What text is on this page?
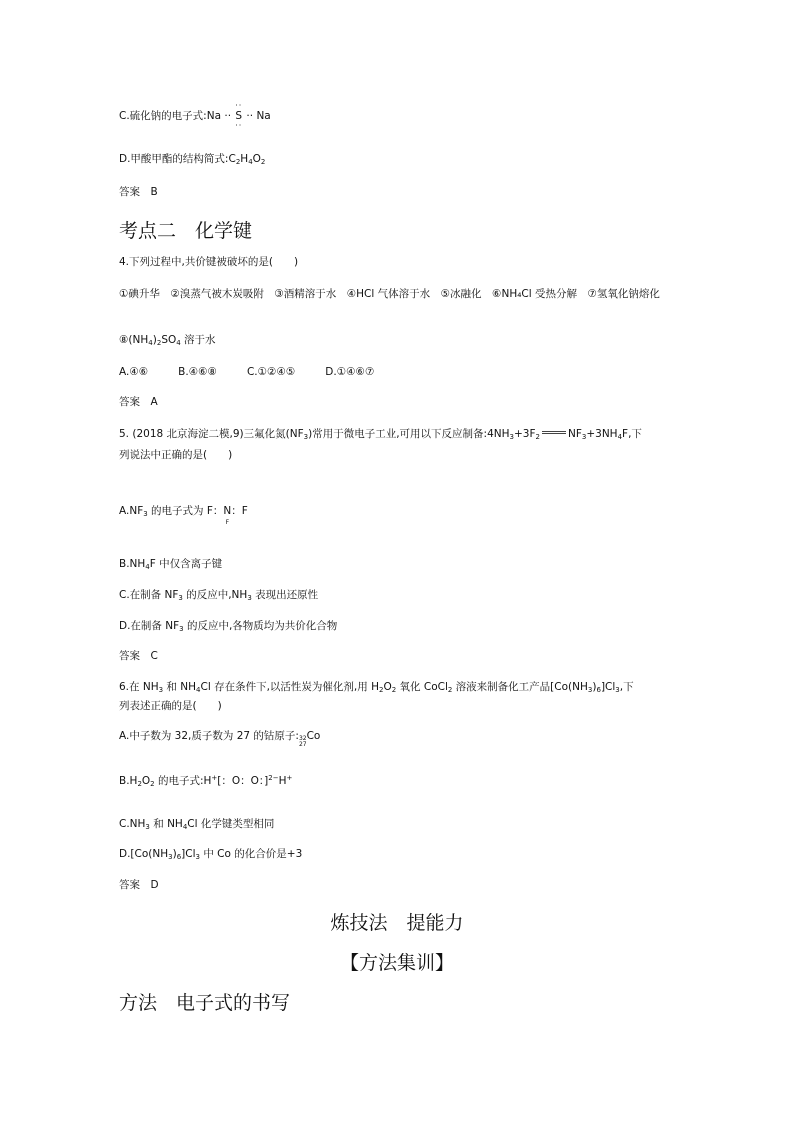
C.硫化钠的电子式:Na ··
··
S
··
·· Na
D.甲酸甲酯的结构简式$:C_2H_4O_2$
答案　B
考点二　化学键
4.下列过程中,共价键被破坏的是(　　)
①碘升华　②溴蒸气被木炭吸附　③酒精溶于水　④HCl 气体溶于水　⑤冰融化　⑥NH₄Cl 受热分解　⑦氢氧化钠熔化
$⑧(NH_4)_2SO_4$ 溶于水
A.④⑥	B.④⑥⑧	C.①②④⑤	D.①④⑥⑦
答案　A
5. (2018 北京海淀二模,9)三氟化氮$(NF_3)$常用于微电子工业,可用以下反应制备$:4NH_3+3F_2$	$NF_3+3NH_4F$,下
列说法中正确的是(　　)
$A.NF_3$ 的电子式为 F：N：F
F
$B.NH_4F$ 中仅含离子键
C.在制备 $NF_3$ 的反应中$,NH_3$ 表现出还原性
D.在制备 $NF_3$ 的反应中,各物质均为共价化合物
答案　C
6.在 $NH_3$ 和 $NH_4Cl$ 存在条件下,以活性炭为催化剂,用 $H_2O_2$ 氧化 CoCl$_2$ 溶液来制备化工产品$[Co(NH_3)_6]Cl_3$,下
列表述正确的是(　　)
A.中子数为 32,质子数为 27 的钴原子: 32
27
Co
$B.H_2O_2$ 的电子式:H+[：O：O：]$^{2-}$H+
$C.NH_3$ 和 $NH_4Cl$ 化学键类型相同
$D.[Co(NH_3)_6]Cl_3$ 中 Co 的化合价是+3
答案　D
炼技法　提能力
【方法集训】
方法　电子式的书写
